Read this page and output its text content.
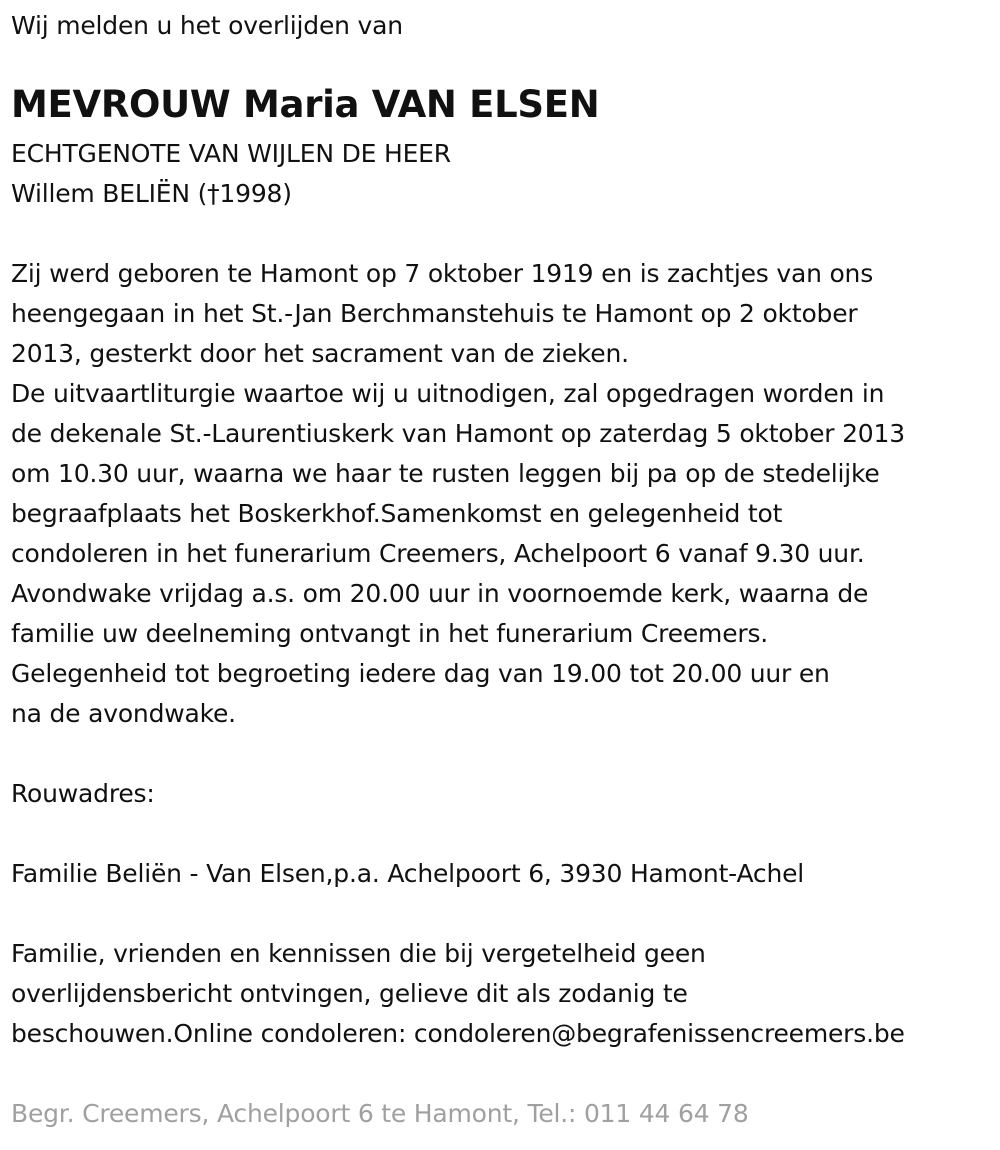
Wij melden u het overlijden van
MEVROUW Maria VAN ELSEN
ECHTGENOTE VAN WIJLEN DE HEER
Willem BELIËN (†1998)
Zij werd geboren te Hamont op 7 oktober 1919 en is zachtjes van ons
heengegaan in het St.-Jan Berchmanstehuis te Hamont op 2 oktober
2013, gesterkt door het sacrament van de zieken.
De uitvaartliturgie waartoe wij u uitnodigen, zal opgedragen worden in
de dekenale St.-Laurentiuskerk van Hamont op zaterdag 5 oktober 2013
om 10.30 uur, waarna we haar te rusten leggen bij pa op de stedelijke
begraafplaats het Boskerkhof.Samenkomst en gelegenheid tot
condoleren in het funerarium Creemers, Achelpoort 6 vanaf 9.30 uur.
Avondwake vrijdag a.s. om 20.00 uur in voornoemde kerk, waarna de
familie uw deelneming ontvangt in het funerarium Creemers.
Gelegenheid tot begroeting iedere dag van 19.00 tot 20.00 uur en
na de avondwake.
Rouwadres:
Familie Beliën - Van Elsen,p.a. Achelpoort 6, 3930 Hamont-Achel
Familie, vrienden en kennissen die bij vergetelheid geen
overlijdensbericht ontvingen, gelieve dit als zodanig te
beschouwen.Online condoleren: condoleren@begrafenissencreemers.be
Begr. Creemers, Achelpoort 6 te Hamont, Tel.: 011 44 64 78
